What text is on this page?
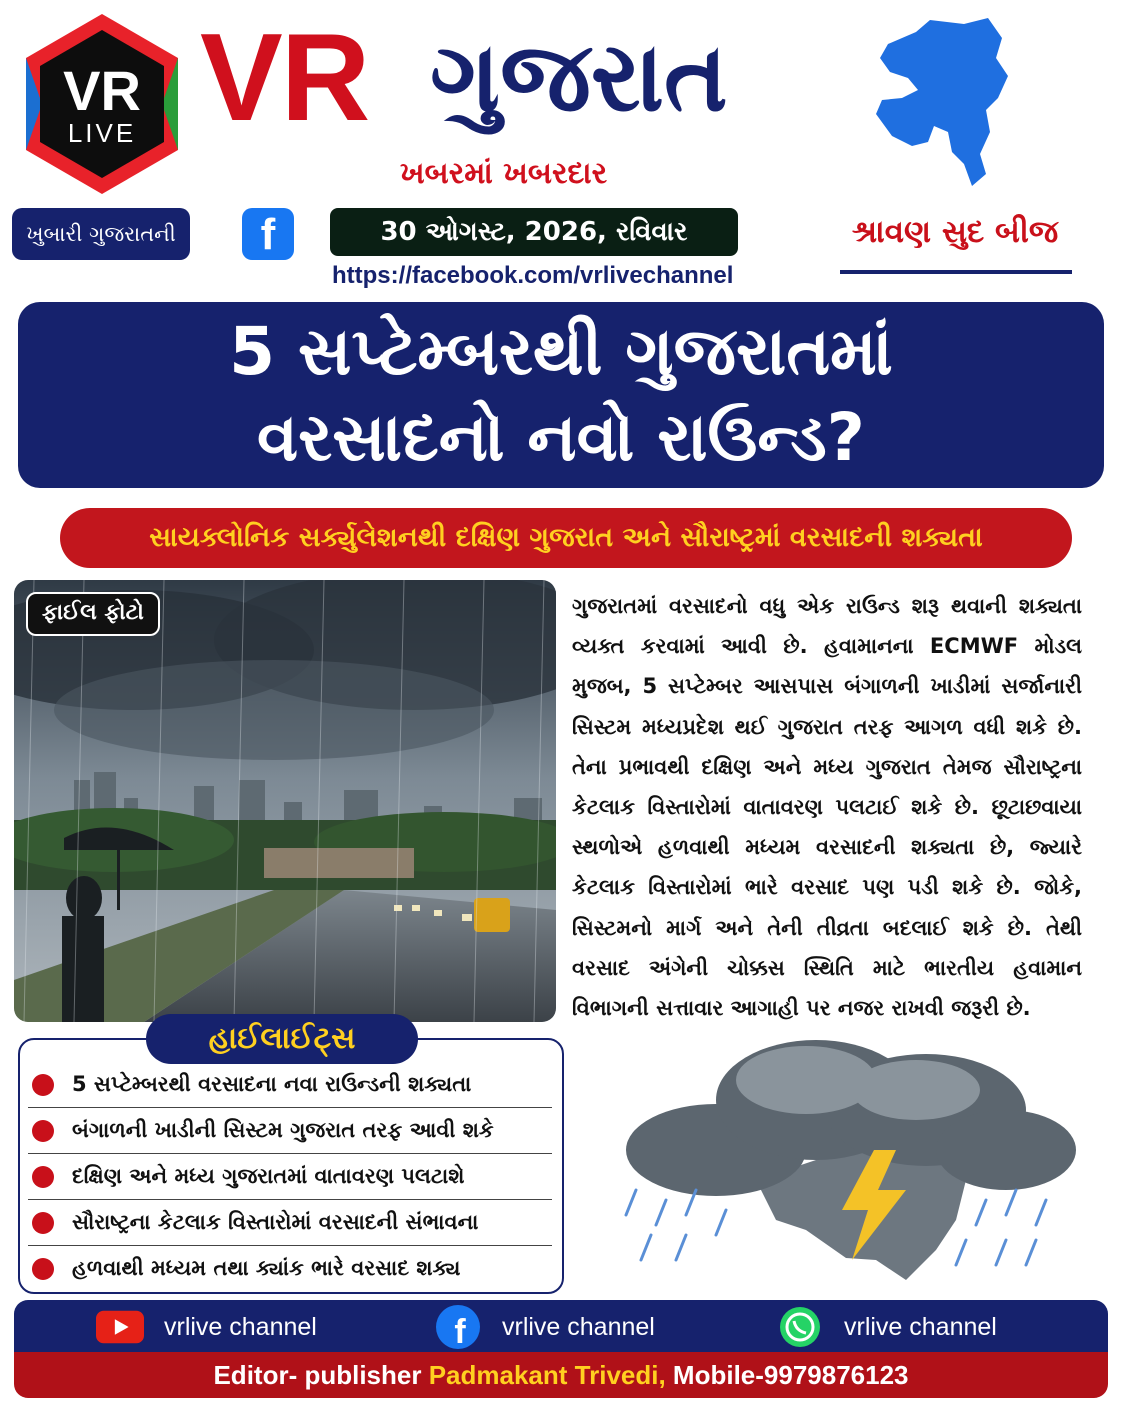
VR
LIVE VR ગુજરાત
ખબરમાં ખબરદાર
ખુબારી ગુજરાતની	f	30 ઓગસ્ટ, 2026, રવિવાર
https://facebook.com/vrlivechannel
શ્રાવણ સુદ બીજ
5 સપ્ટેમ્બરથી ગુજરાતમાં
વરસાદનો નવો રાઉન્ડ?
સાયક્લોનિક સર્ક્યુલેશનથી દક્ષિણ ગુજરાત અને સૌરાષ્ટ્રમાં વરસાદની શક્યતા
ફાઈલ ફોટો	ગુજરાતમાં વરસાદનો વધુ એક રાઉન્ડ શરૂ થવાની શક્યતા વ્યક્ત કરવામાં આવી છે. હવામાનના ECMWF મોડલ મુજબ, 5 સપ્ટેમ્બર આસપાસ બંગાળની ખાડીમાં સર્જાનારી સિસ્ટમ મધ્યપ્રદેશ થઈ ગુજરાત તરફ આગળ વધી શકે છે. તેના પ્રભાવથી દક્ષિણ અને મધ્ય ગુજરાત તેમજ સૌરાષ્ટ્રના કેટલાક વિસ્તારોમાં વાતાવરણ પલટાઈ શકે છે. છૂટાછવાયા સ્થળોએ હળવાથી મધ્યમ વરસાદની શક્યતા છે, જ્યારે કેટલાક વિસ્તારોમાં ભારે વરસાદ પણ પડી શકે છે. જોકે, સિસ્ટમનો માર્ગ અને તેની તીવ્રતા બદલાઈ શકે છે. તેથી વરસાદ અંગેની ચોક્કસ સ્થિતિ માટે ભારતીય હવામાન વિભાગની સત્તાવાર આગાહી પર નજર રાખવી જરૂરી છે.
હાઈલાઈટ્સ
5 સપ્ટેમ્બરથી વરસાદના નવા રાઉન્ડની શક્યતા
બંગાળની ખાડીની સિસ્ટમ ગુજરાત તરફ આવી શકે
દક્ષિણ અને મધ્ય ગુજરાતમાં વાતાવરણ પલટાશે
સૌરાષ્ટ્રના કેટલાક વિસ્તારોમાં વરસાદની સંભાવના
હળવાથી મધ્યમ તથા ક્યાંક ભારે વરસાદ શક્ય
vrlive channel	f vrlive channel	vrlive channel
Editor- publisher Padmakant Trivedi, Mobile-9979876123
